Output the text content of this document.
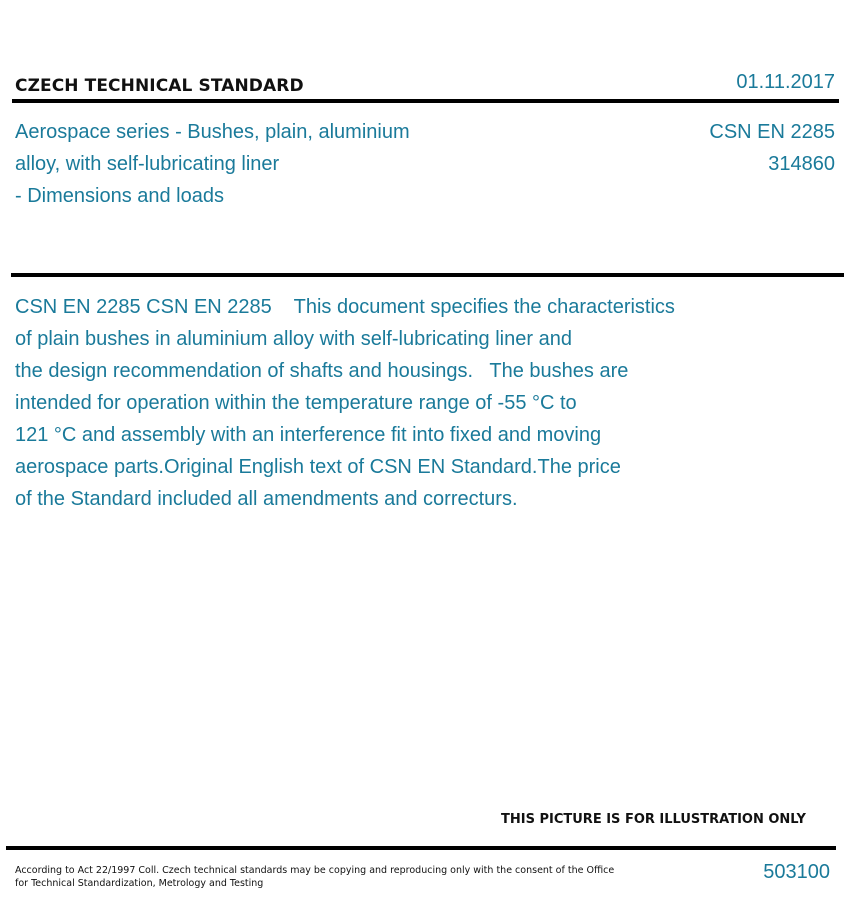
CZECH TECHNICAL STANDARD	01.11.2017
Aerospace series - Bushes, plain, aluminium
alloy, with self-lubricating liner
- Dimensions and loads
CSN EN 2285
314860
CSN EN 2285 CSN EN 2285    This document specifies the characteristics
of plain bushes in aluminium alloy with self-lubricating liner and
the design recommendation of shafts and housings.   The bushes are
intended for operation within the temperature range of -55 °C to
121 °C and assembly with an interference fit into fixed and moving
aerospace parts.Original English text of CSN EN Standard.The price
of the Standard included all amendments and correcturs.
THIS PICTURE IS FOR ILLUSTRATION ONLY
According to Act 22/1997 Coll. Czech technical standards may be copying and reproducing only with the consent of the Office
for Technical Standardization, Metrology and Testing
503100
